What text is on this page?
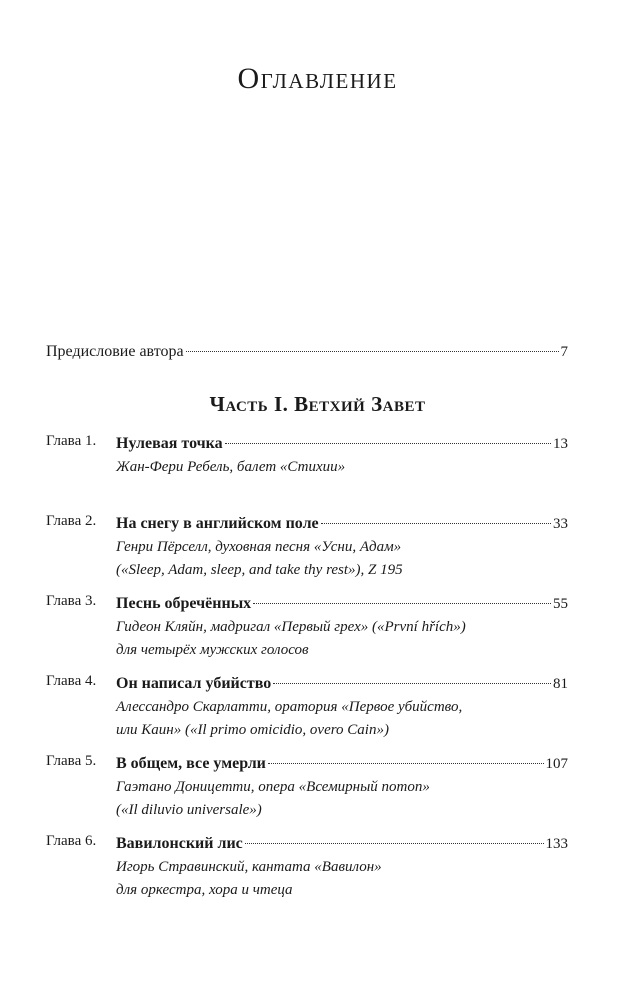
Оглавление
Предисловие автора	7
Часть I. Ветхий Завет
Глава 1.	Нулевая точка	13
Жан-Фери Ребель, балет «Стихии»
Глава 2.	На снегу в английском поле	33
Генри Пёрселл, духовная песня «Усни, Адам»
(«Sleep, Adam, sleep, and take thy rest»), Z 195
Глава 3.	Песнь обречённых	55
Гидеон Кляйн, мадригал «Первый грех» («První hřích»)
для четырёх мужских голосов
Глава 4.	Он написал убийство	81
Алессандро Скарлатти, оратория «Первое убийство,
или Каин» («Il primo omicidio, overo Cain»)
Глава 5.	В общем, все умерли	107
Гаэтано Доницетти, опера «Всемирный потоп»
(«Il diluvio universale»)
Глава 6.	Вавилонский лис	133
Игорь Стравинский, кантата «Вавилон»
для оркестра, хора и чтеца
